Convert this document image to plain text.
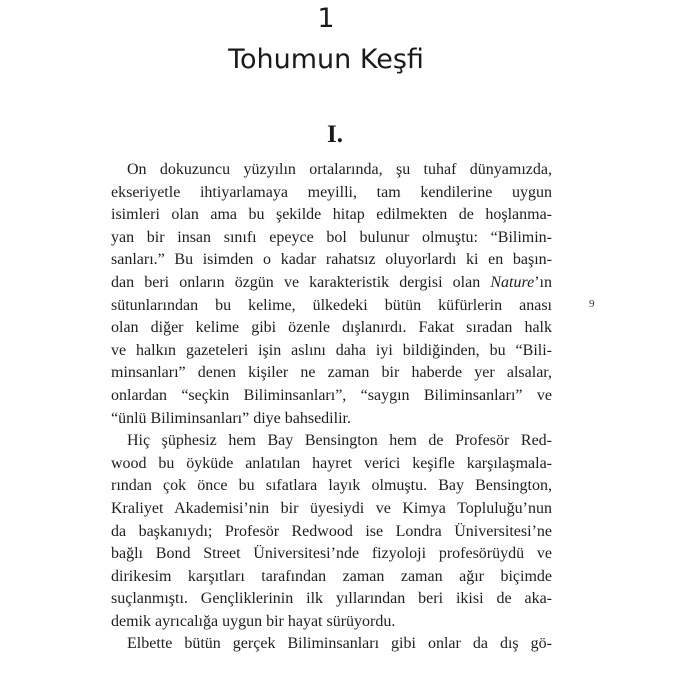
1
Tohumun Keşfi
I.
On dokuzuncu yüzyılın ortalarında, şu tuhaf dünyamızda,
ekseriyetle ihtiyarlamaya meyilli, tam kendilerine uygun
isimleri olan ama bu şekilde hitap edilmekten de hoşlanma-
yan bir insan sınıfı epeyce bol bulunur olmuştu: “Bilimin-
sanları.” Bu isimden o kadar rahatsız oluyorlardı ki en başın-
dan beri onların özgün ve karakteristik dergisi olan Nature’ın
sütunlarından bu kelime, ülkedeki bütün küfürlerin anası
olan diğer kelime gibi özenle dışlanırdı. Fakat sıradan halk
ve halkın gazeteleri işin aslını daha iyi bildiğinden, bu “Bili-
minsanları” denen kişiler ne zaman bir haberde yer alsalar,
onlardan “seçkin Biliminsanları”, “saygın Biliminsanları” ve
“ünlü Biliminsanları” diye bahsedilir.
Hiç şüphesiz hem Bay Bensington hem de Profesör Red-
wood bu öyküde anlatılan hayret verici keşifle karşılaşmala-
rından çok önce bu sıfatlara layık olmuştu. Bay Bensington,
Kraliyet Akademisi’nin bir üyesiydi ve Kimya Topluluğu’nun
da başkanıydı; Profesör Redwood ise Londra Üniversitesi’ne
bağlı Bond Street Üniversitesi’nde fizyoloji profesörüydü ve
dirikesim karşıtları tarafından zaman zaman ağır biçimde
suçlanmıştı. Gençliklerinin ilk yıllarından beri ikisi de aka-
demik ayrıcalığa uygun bir hayat sürüyordu.
Elbette bütün gerçek Biliminsanları gibi onlar da dış gö-
9
